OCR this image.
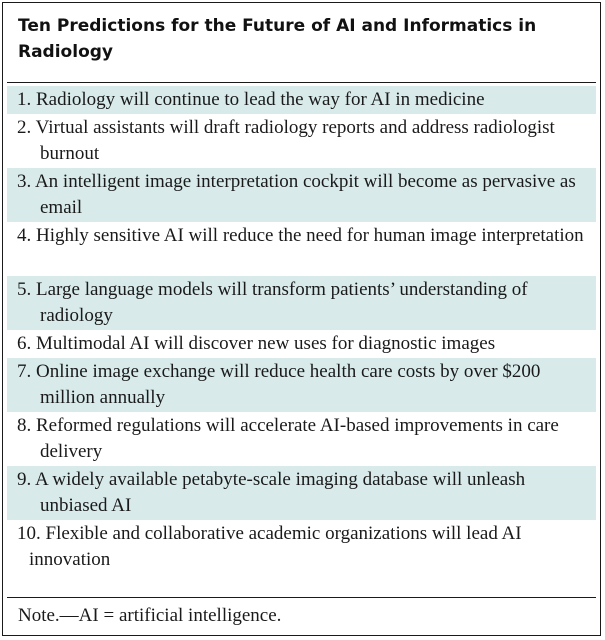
Ten Predictions for the Future of AI and Informatics in Radiology
1. Radiology will continue to lead the way for AI in medicine
2. Virtual assistants will draft radiology reports and address radiologist burnout
3. An intelligent image interpretation cockpit will become as pervasive as email
4. Highly sensitive AI will reduce the need for human image interpretation
5. Large language models will transform patients’ understanding of radiology
6. Multimodal AI will discover new uses for diagnostic images
7. Online image exchange will reduce health care costs by over $200 million annually
8. Reformed regulations will accelerate AI-based improvements in care delivery
9. A widely available petabyte-scale imaging database will unleash unbiased AI
10. Flexible and collaborative academic organizations will lead AI innovation
Note.—AI = artificial intelligence.
